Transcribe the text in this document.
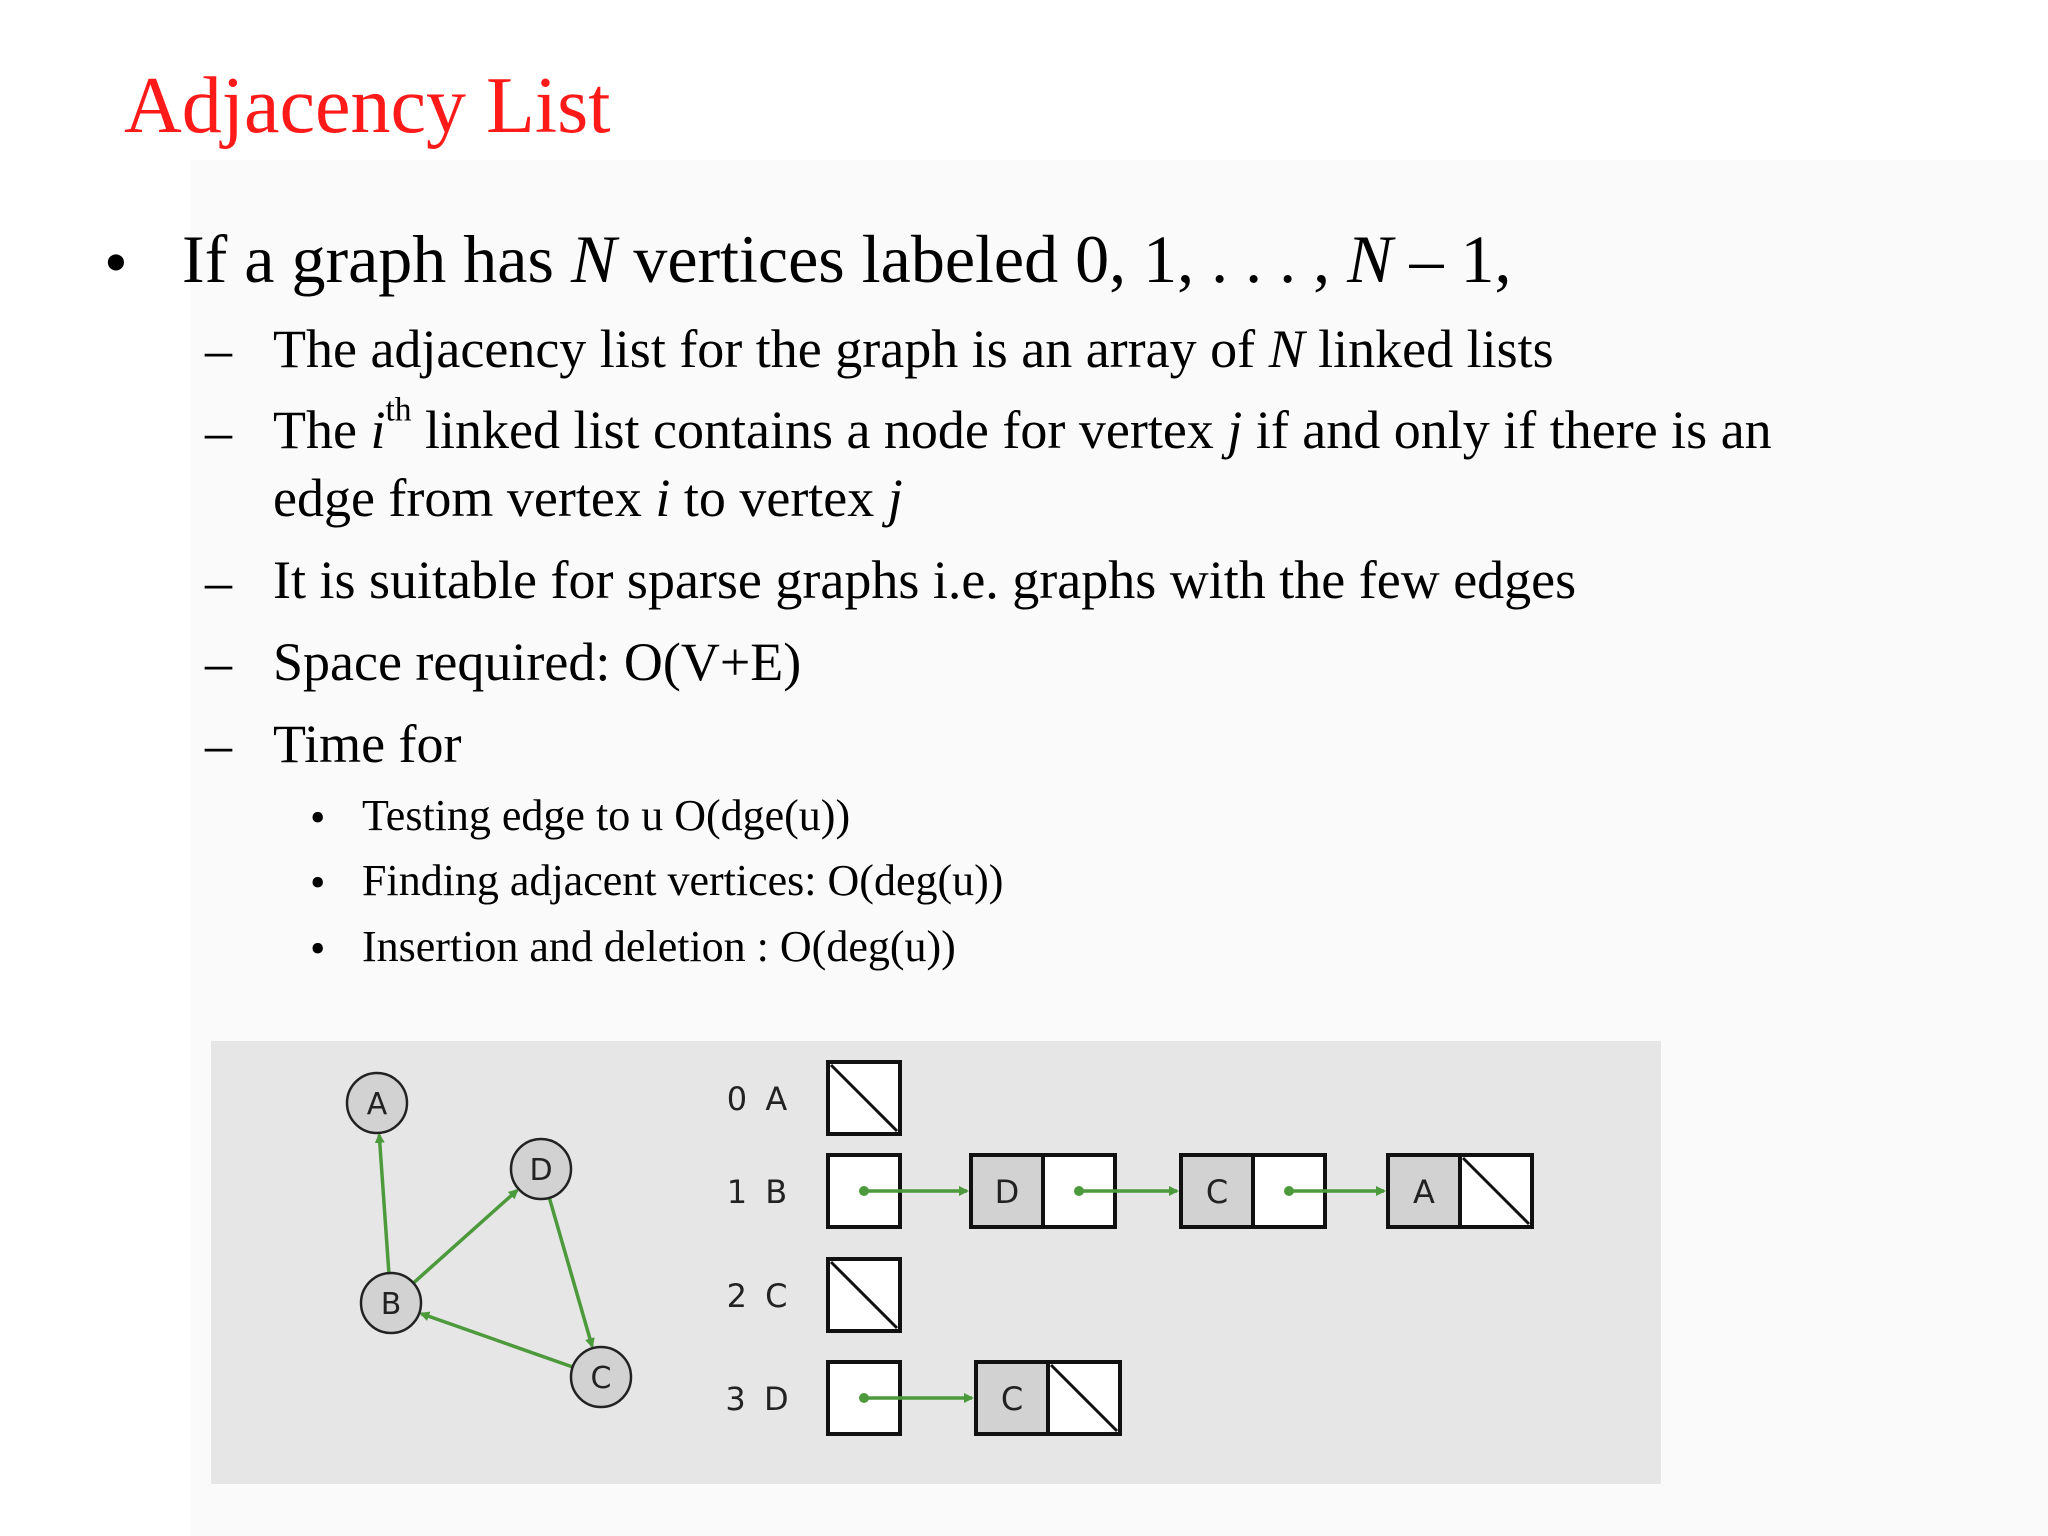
Adjacency List
• If a graph has N vertices labeled 0, 1, . . . , N – 1,
– The adjacency list for the graph is an array of N linked lists
– The $i^{th}$ linked list contains a node for vertex j if and only if there is an
edge from vertex i to vertex j
– It is suitable for sparse graphs i.e. graphs with the few edges
– Space required: O(V+E)
– Time for
• Testing edge to u O(dge(u))
• Finding adjacent vertices: O(deg(u))
• Insertion and deletion : O(deg(u))
A
B
C
D
0 A
1 B	D	C	A
2 C
3 D	C
